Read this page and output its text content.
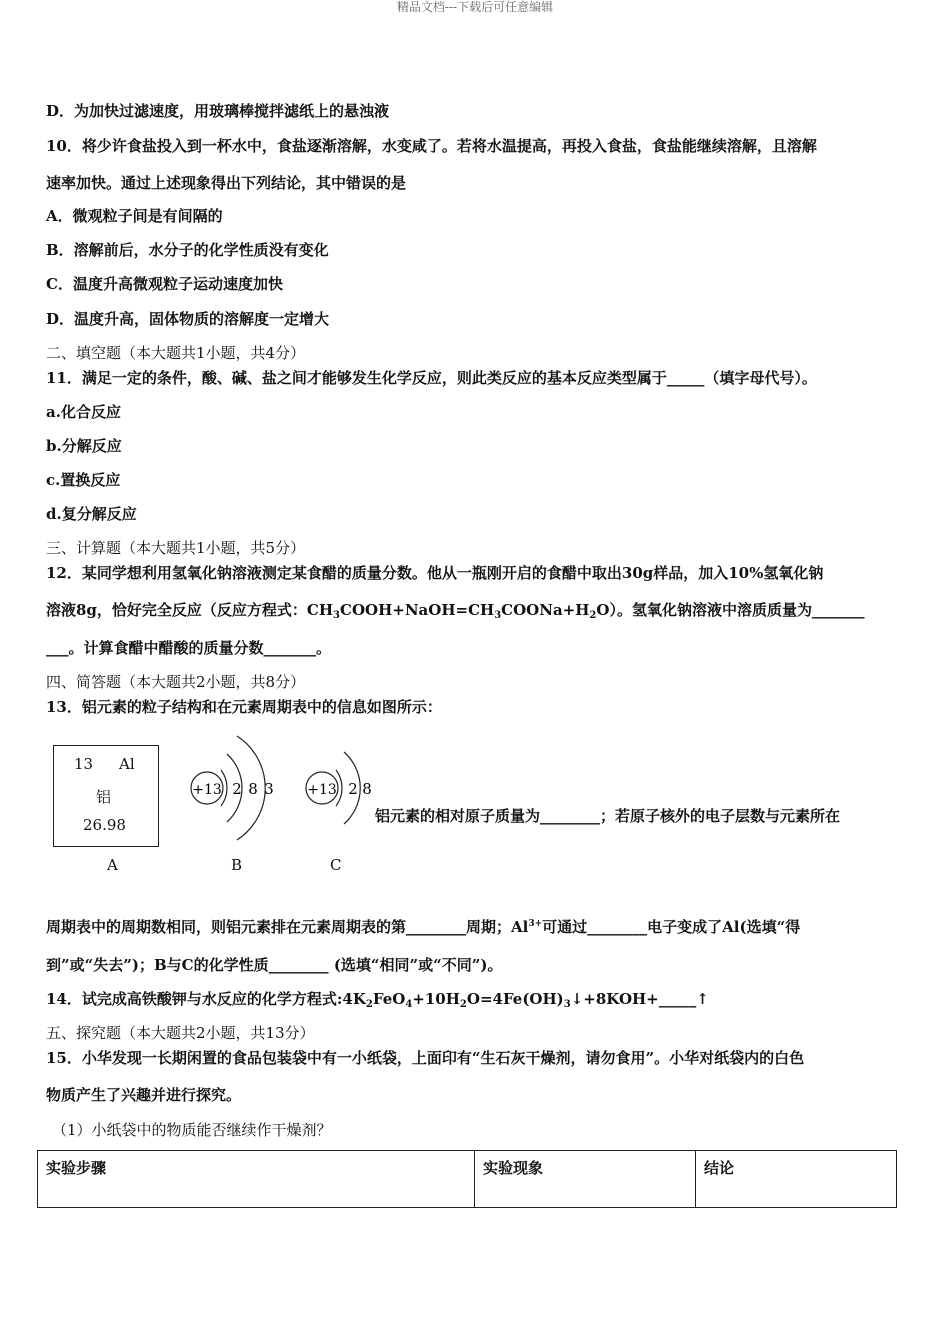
精品文档---下载后可任意编辑
D．为加快过滤速度，用玻璃棒搅拌滤纸上的悬浊液
10．将少许食盐投入到一杯水中，食盐逐渐溶解，水变咸了。若将水温提高，再投入食盐，食盐能继续溶解，且溶解
速率加快。通过上述现象得出下列结论，其中错误的是
A．微观粒子间是有间隔的
B．溶解前后，水分子的化学性质没有变化
C．温度升高微观粒子运动速度加快
D．温度升高，固体物质的溶解度一定增大
二、填空题（本大题共1小题，共4分）
11．满足一定的条件，酸、碱、盐之间才能够发生化学反应，则此类反应的基本反应类型属于_____（填字母代号）。
a.化合反应
b.分解反应
c.置换反应
d.复分解反应
三、计算题（本大题共1小题，共5分）
12．某同学想利用氢氧化钠溶液测定某食醋的质量分数。他从一瓶刚开启的食醋中取出30g样品，加入10%氢氧化钠
溶液8g，恰好完全反应（反应方程式：$CH_3COOH+NaOH=CH_3COONa+H_2O$）。氢氧化钠溶液中溶质质量为_______
___。计算食醋中醋酸的质量分数_______。
四、简答题（本大题共2小题，共8分）
13．铝元素的粒子结构和在元素周期表中的信息如图所示：
13 Al
铝
26.98
A
+13 2 8 3
B
+13 2 8
C
铝元素的相对原子质量为________；若原子核外的电子层数与元素所在
周期表中的周期数相同，则铝元素排在元素周期表的第________周期；$Al^{3+}$可通过________电子变成了Al(选填“得
到”或“失去”)；B与C的化学性质________ (选填“相同”或“不同”)。
14．试完成高铁酸钾与水反应的化学方程式$:4K_2FeO_4+10H_2O=4Fe(OH)_3↓+8KOH+\_\_\_\_\_↑$
五、探究题（本大题共2小题，共13分）
15．小华发现一长期闲置的食品包装袋中有一小纸袋，上面印有“生石灰干燥剂，请勿食用”。小华对纸袋内的白色
物质产生了兴趣并进行探究。
（1）小纸袋中的物质能否继续作干燥剂？
实验步骤	实验现象	结论
